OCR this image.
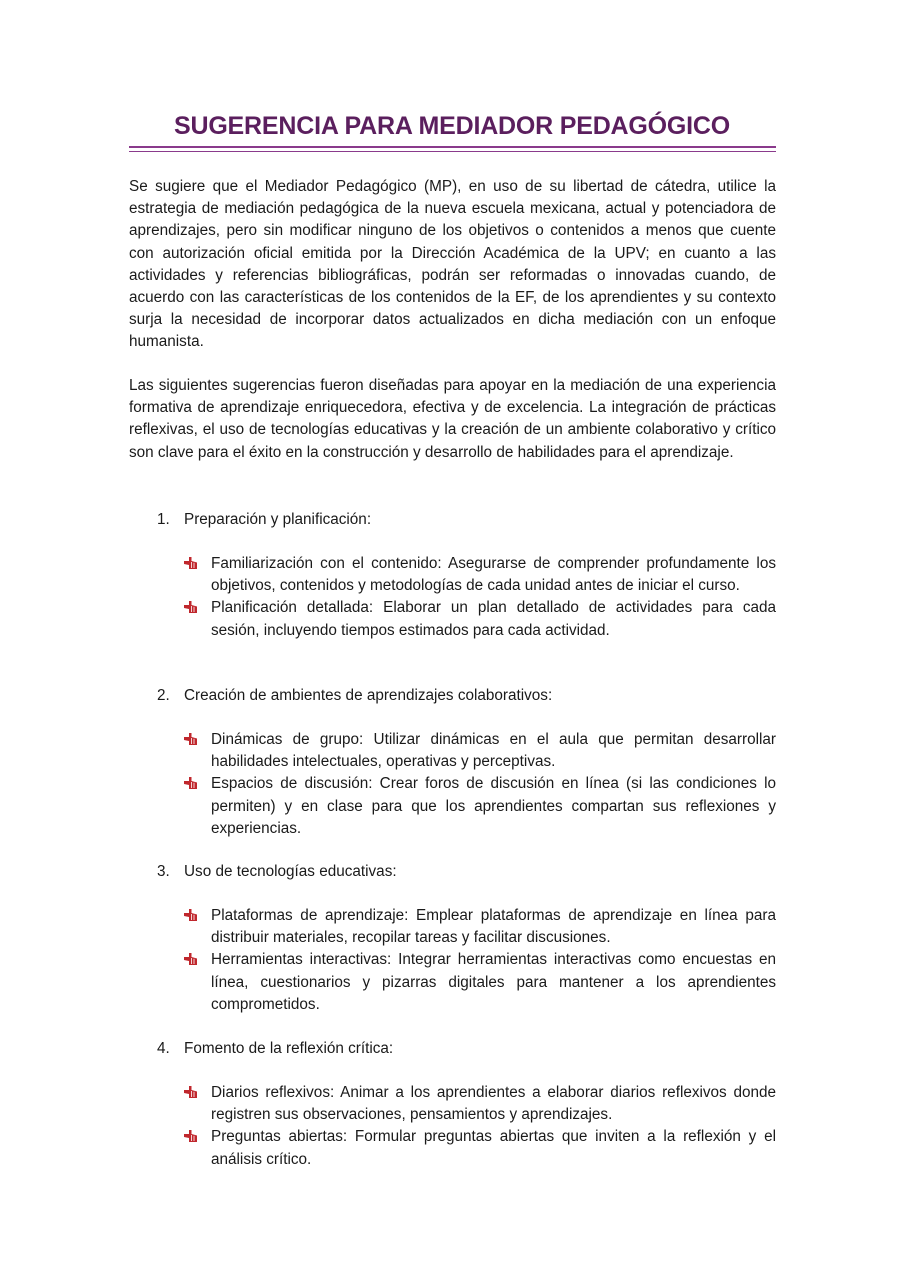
SUGERENCIA PARA MEDIADOR PEDAGÓGICO
Se sugiere que el Mediador Pedagógico (MP), en uso de su libertad de cátedra, utilice la estrategia de mediación pedagógica de la nueva escuela mexicana, actual y potenciadora de aprendizajes, pero sin modificar ninguno de los objetivos o contenidos a menos que cuente con autorización oficial emitida por la Dirección Académica de la UPV; en cuanto a las actividades y referencias bibliográficas, podrán ser reformadas o innovadas cuando, de acuerdo con las características de los contenidos de la EF, de los aprendientes y su contexto surja la necesidad de incorporar datos actualizados en dicha mediación con un enfoque humanista.
Las siguientes sugerencias fueron diseñadas para apoyar en la mediación de una experiencia formativa de aprendizaje enriquecedora, efectiva y de excelencia. La integración de prácticas reflexivas, el uso de tecnologías educativas y la creación de un ambiente colaborativo y crítico son clave para el éxito en la construcción y desarrollo de habilidades para el aprendizaje.
1. Preparación y planificación:
Familiarización con el contenido: Asegurarse de comprender profundamente los objetivos, contenidos y metodologías de cada unidad antes de iniciar el curso.
Planificación detallada: Elaborar un plan detallado de actividades para cada sesión, incluyendo tiempos estimados para cada actividad.
2. Creación de ambientes de aprendizajes colaborativos:
Dinámicas de grupo: Utilizar dinámicas en el aula que permitan desarrollar habilidades intelectuales, operativas y perceptivas.
Espacios de discusión: Crear foros de discusión en línea (si las condiciones lo permiten) y en clase para que los aprendientes compartan sus reflexiones y experiencias.
3. Uso de tecnologías educativas:
Plataformas de aprendizaje: Emplear plataformas de aprendizaje en línea para distribuir materiales, recopilar tareas y facilitar discusiones.
Herramientas interactivas: Integrar herramientas interactivas como encuestas en línea, cuestionarios y pizarras digitales para mantener a los aprendientes comprometidos.
4. Fomento de la reflexión crítica:
Diarios reflexivos: Animar a los aprendientes a elaborar diarios reflexivos donde registren sus observaciones, pensamientos y aprendizajes.
Preguntas abiertas: Formular preguntas abiertas que inviten a la reflexión y el análisis crítico.
